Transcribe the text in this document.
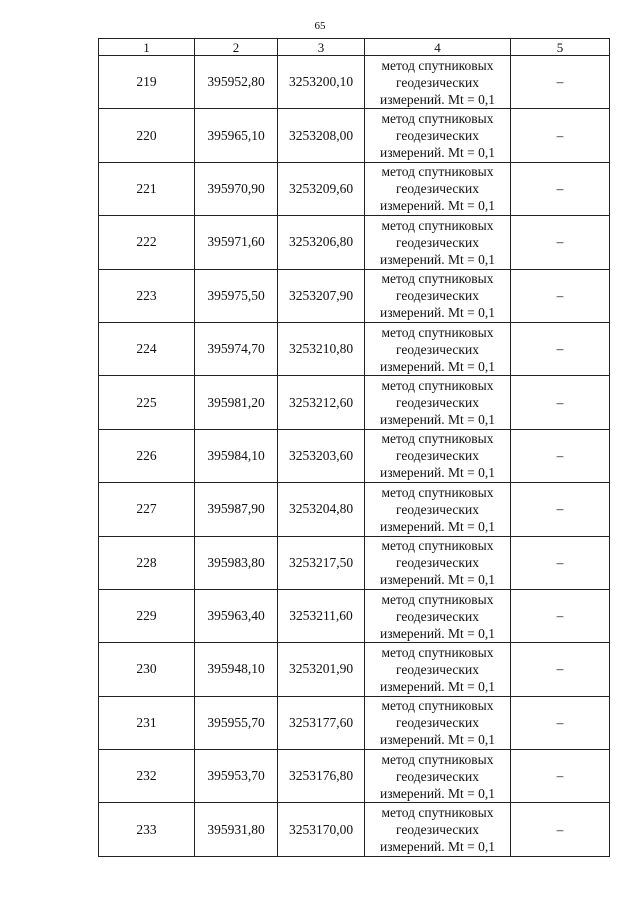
65
1	2	3	4	5
219	395952,80	3253200,10	метод спутниковых
геодезических
измерений. Mt = 0,1	–
220	395965,10	3253208,00	метод спутниковых
геодезических
измерений. Mt = 0,1	–
221	395970,90	3253209,60	метод спутниковых
геодезических
измерений. Mt = 0,1	–
222	395971,60	3253206,80	метод спутниковых
геодезических
измерений. Mt = 0,1	–
223	395975,50	3253207,90	метод спутниковых
геодезических
измерений. Mt = 0,1	–
224	395974,70	3253210,80	метод спутниковых
геодезических
измерений. Mt = 0,1	–
225	395981,20	3253212,60	метод спутниковых
геодезических
измерений. Mt = 0,1	–
226	395984,10	3253203,60	метод спутниковых
геодезических
измерений. Mt = 0,1	–
227	395987,90	3253204,80	метод спутниковых
геодезических
измерений. Mt = 0,1	–
228	395983,80	3253217,50	метод спутниковых
геодезических
измерений. Mt = 0,1	–
229	395963,40	3253211,60	метод спутниковых
геодезических
измерений. Mt = 0,1	–
230	395948,10	3253201,90	метод спутниковых
геодезических
измерений. Mt = 0,1	–
231	395955,70	3253177,60	метод спутниковых
геодезических
измерений. Mt = 0,1	–
232	395953,70	3253176,80	метод спутниковых
геодезических
измерений. Mt = 0,1	–
233	395931,80	3253170,00	метод спутниковых
геодезических
измерений. Mt = 0,1	–
